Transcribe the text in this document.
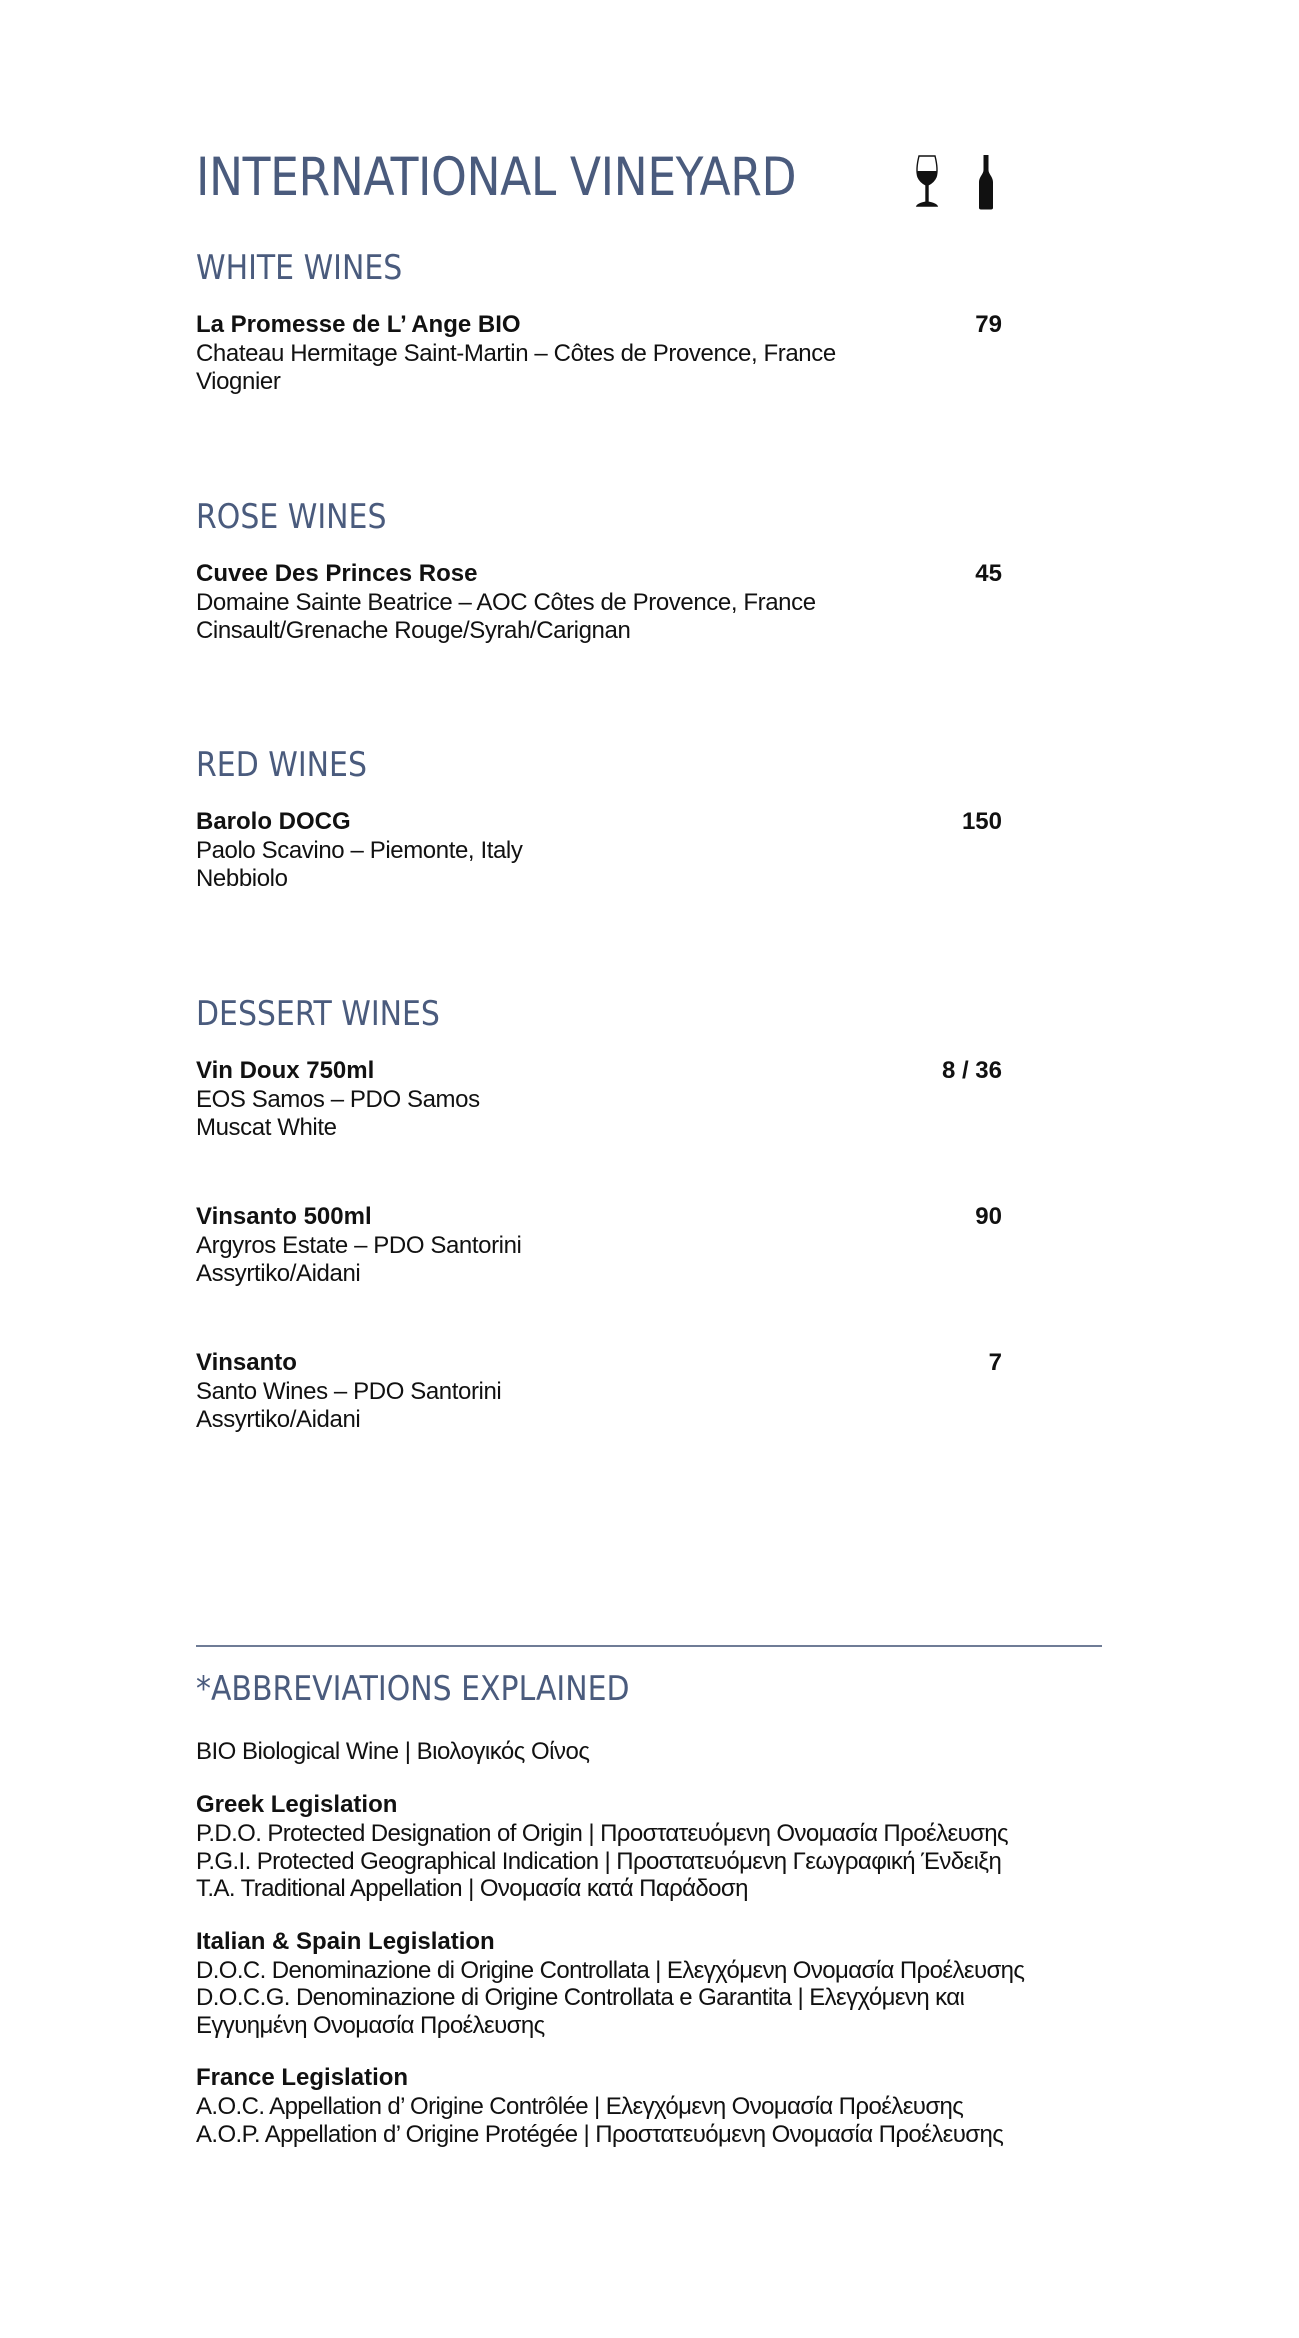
INTERNATIONAL VINEYARD
WHITE WINES
La Promesse de L’ Ange BIO	79
Chateau Hermitage Saint-Martin – Côtes de Provence, France
Viognier
ROSE WINES
Cuvee Des Princes Rose	45
Domaine Sainte Beatrice – AOC Côtes de Provence, France
Cinsault/Grenache Rouge/Syrah/Carignan
RED WINES
Barolo DOCG	150
Paolo Scavino – Piemonte, Italy
Nebbiolo
DESSERT WINES
Vin Doux 750ml	8 / 36
EOS Samos – PDO Samos
Muscat White
Vinsanto 500ml	90
Argyros Estate – PDO Santorini
Assyrtiko/Aidani
Vinsanto	7
Santo Wines – PDO Santorini
Assyrtiko/Aidani
*ABBREVIATIONS EXPLAINED
BIO Biological Wine | Βιολογικός Οίνος
Greek Legislation
P.D.O. Protected Designation of Origin | Προστατευόμενη Ονομασία Προέλευσης
P.G.I. Protected Geographical Indication | Προστατευόμενη Γεωγραφική Ένδειξη
T.A. Traditional Appellation | Ονομασία κατά Παράδοση
Italian & Spain Legislation
D.O.C. Denominazione di Origine Controllata | Ελεγχόμενη Ονομασία Προέλευσης
D.O.C.G. Denominazione di Origine Controllata e Garantita | Ελεγχόμενη και
Εγγυημένη Ονομασία Προέλευσης
France Legislation
A.O.C. Appellation d’ Origine Contrôlée | Ελεγχόμενη Ονομασία Προέλευσης
A.O.P. Appellation d’ Origine Protégée | Προστατευόμενη Ονομασία Προέλευσης
